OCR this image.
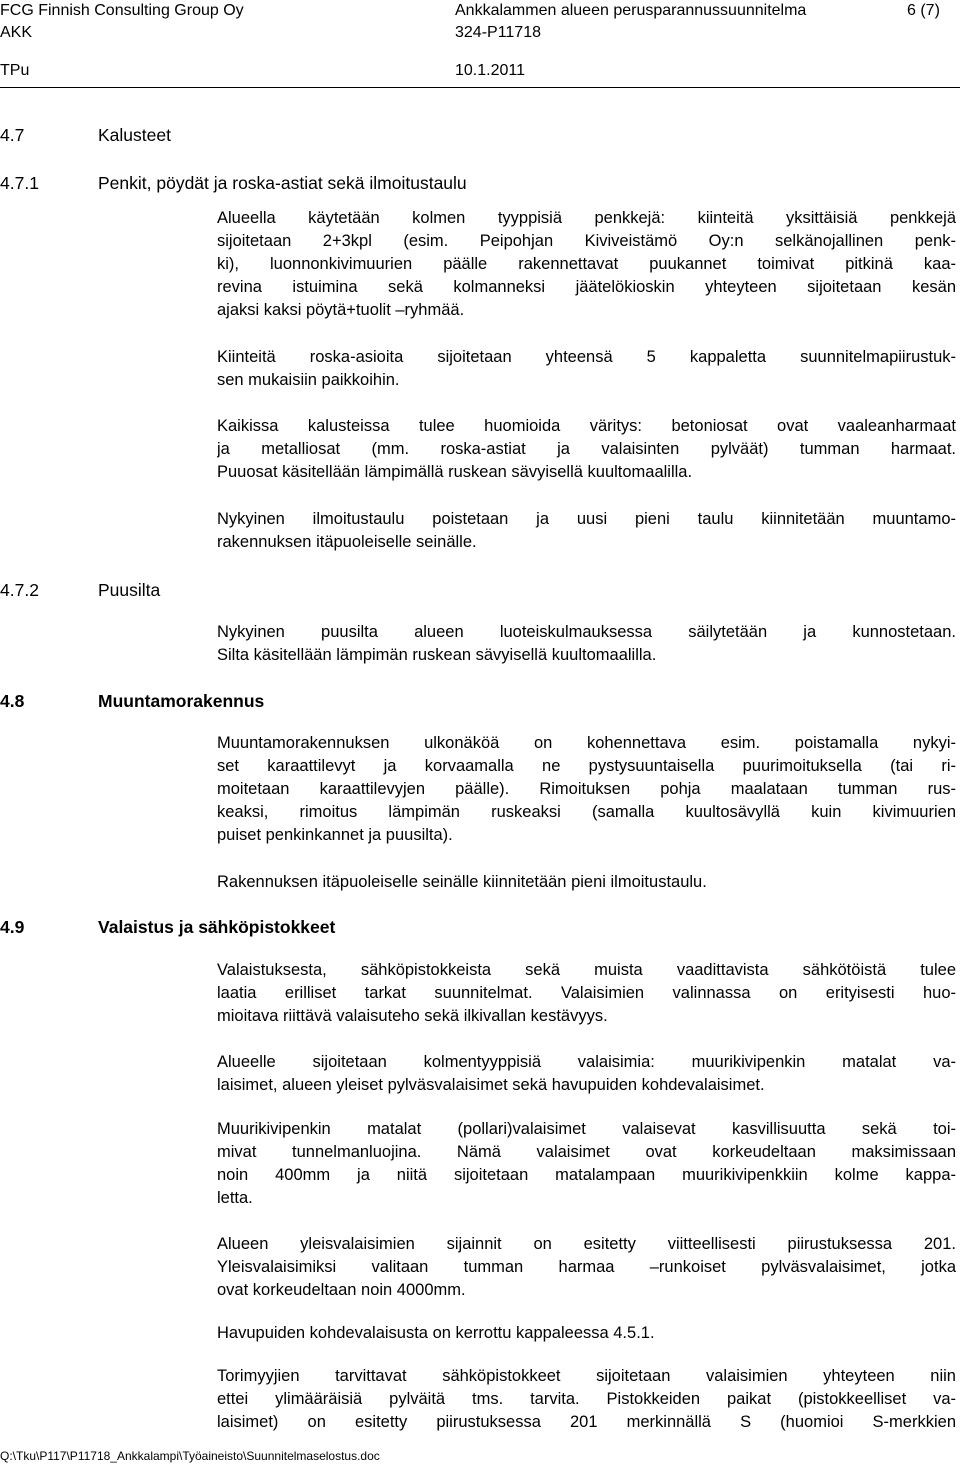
FCG Finnish Consulting Group Oy
AKK
TPu
Ankkalammen alueen perusparannussuunnitelma
324-P11718
10.1.2011
6 (7)
4.7	Kalusteet
4.7.1	Penkit, pöydät ja roska-astiat sekä ilmoitustaulu
4.7.2	Puusilta
4.8	Muuntamorakennus
4.9	Valaistus ja sähköpistokkeet
Alueella käytetään kolmen tyyppisiä penkkejä: kiinteitä yksittäisiä penkkejä
sijoitetaan 2+3kpl (esim. Peipohjan Kiviveistämö Oy:n selkänojallinen penk-
ki), luonnonkivimuurien päälle rakennettavat puukannet toimivat pitkinä kaa-
revina istuimina sekä kolmanneksi jäätelökioskin yhteyteen sijoitetaan kesän
ajaksi kaksi pöytä+tuolit –ryhmää.
Kiinteitä roska-asioita sijoitetaan yhteensä 5 kappaletta suunnitelmapiirustuk-
sen mukaisiin paikkoihin.
Kaikissa kalusteissa tulee huomioida väritys: betoniosat ovat vaaleanharmaat
ja metalliosat (mm. roska-astiat ja valaisinten pylväät) tumman harmaat.
Puuosat käsitellään lämpimällä ruskean sävyisellä kuultomaalilla.
Nykyinen ilmoitustaulu poistetaan ja uusi pieni taulu kiinnitetään muuntamo-
rakennuksen itäpuoleiselle seinälle.
Nykyinen puusilta alueen luoteiskulmauksessa säilytetään ja kunnostetaan.
Silta käsitellään lämpimän ruskean sävyisellä kuultomaalilla.
Muuntamorakennuksen ulkonäköä on kohennettava esim. poistamalla nykyi-
set karaattilevyt ja korvaamalla ne pystysuuntaisella puurimoituksella (tai ri-
moitetaan karaattilevyjen päälle). Rimoituksen pohja maalataan tumman rus-
keaksi, rimoitus lämpimän ruskeaksi (samalla kuultosävyllä kuin kivimuurien
puiset penkinkannet ja puusilta).
Rakennuksen itäpuoleiselle seinälle kiinnitetään pieni ilmoitustaulu.
Valaistuksesta, sähköpistokkeista sekä muista vaadittavista sähkötöistä tulee
laatia erilliset tarkat suunnitelmat. Valaisimien valinnassa on erityisesti huo-
mioitava riittävä valaisuteho sekä ilkivallan kestävyys.
Alueelle sijoitetaan kolmentyyppisiä valaisimia: muurikivipenkin matalat va-
laisimet, alueen yleiset pylväsvalaisimet sekä havupuiden kohdevalaisimet.
Muurikivipenkin matalat (pollari)valaisimet valaisevat kasvillisuutta sekä toi-
mivat tunnelmanluojina. Nämä valaisimet ovat korkeudeltaan maksimissaan
noin 400mm ja niitä sijoitetaan matalampaan muurikivipenkkiin kolme kappa-
letta.
Alueen yleisvalaisimien sijainnit on esitetty viitteellisesti piirustuksessa 201.
Yleisvalaisimiksi valitaan tumman harmaa –runkoiset pylväsvalaisimet, jotka
ovat korkeudeltaan noin 4000mm.
Havupuiden kohdevalaisusta on kerrottu kappaleessa 4.5.1.
Torimyyjien tarvittavat sähköpistokkeet sijoitetaan valaisimien yhteyteen niin
ettei ylimääräisiä pylväitä tms. tarvita. Pistokkeiden paikat (pistokkeelliset va-
laisimet) on esitetty piirustuksessa 201 merkinnällä S (huomioi S-merkkien
Q:\Tku\P117\P11718_Ankkalampi\Työaineisto\Suunnitelmaselostus.doc
